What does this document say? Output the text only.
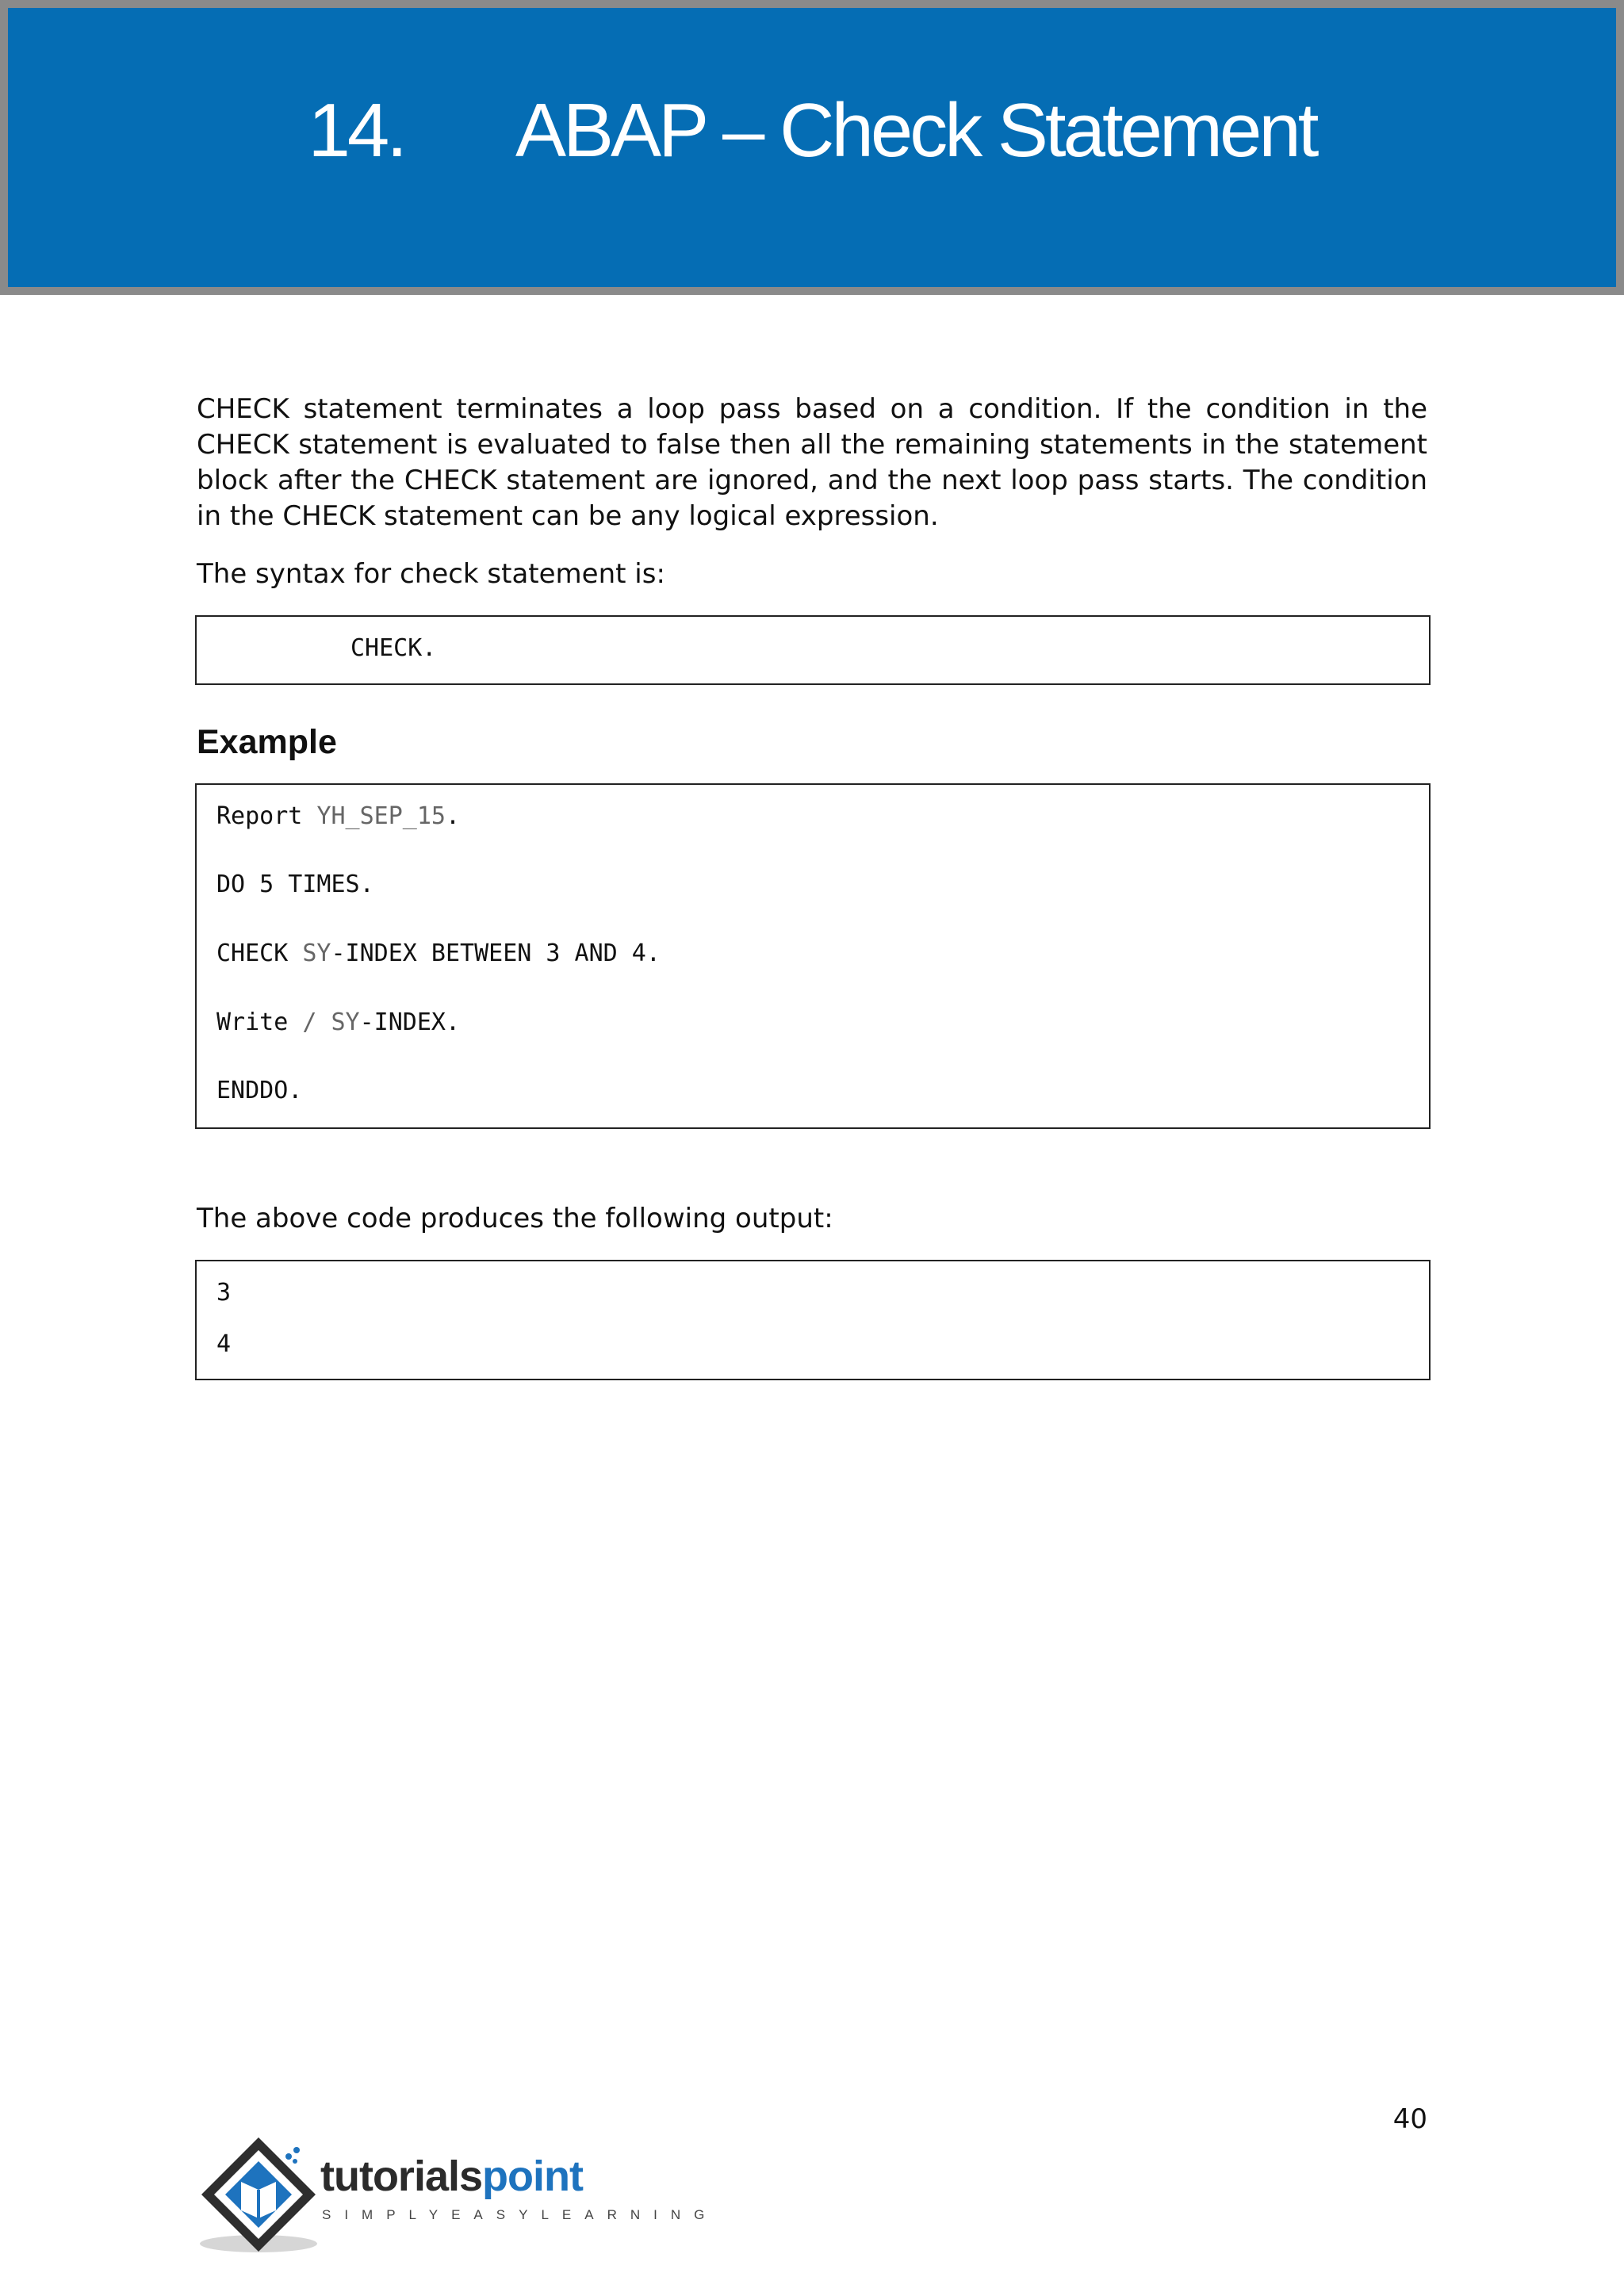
14. ABAP – Check Statement

CHECK statement terminates a loop pass based on a condition. If the condition in the CHECK statement is evaluated to false then all the remaining statements in the statement block after the CHECK statement are ignored, and the next loop pass starts. The condition in the CHECK statement can be any logical expression.

The syntax for check statement is:

CHECK.
Example
Report YH_SEP_15.
DO 5 TIMES.
CHECK SY-INDEX BETWEEN 3 AND 4.
Write / SY-INDEX.
ENDDO.

The above code produces the following output:

3
4
40
tutorialspoint
SIMPLYEASYLEARNING
